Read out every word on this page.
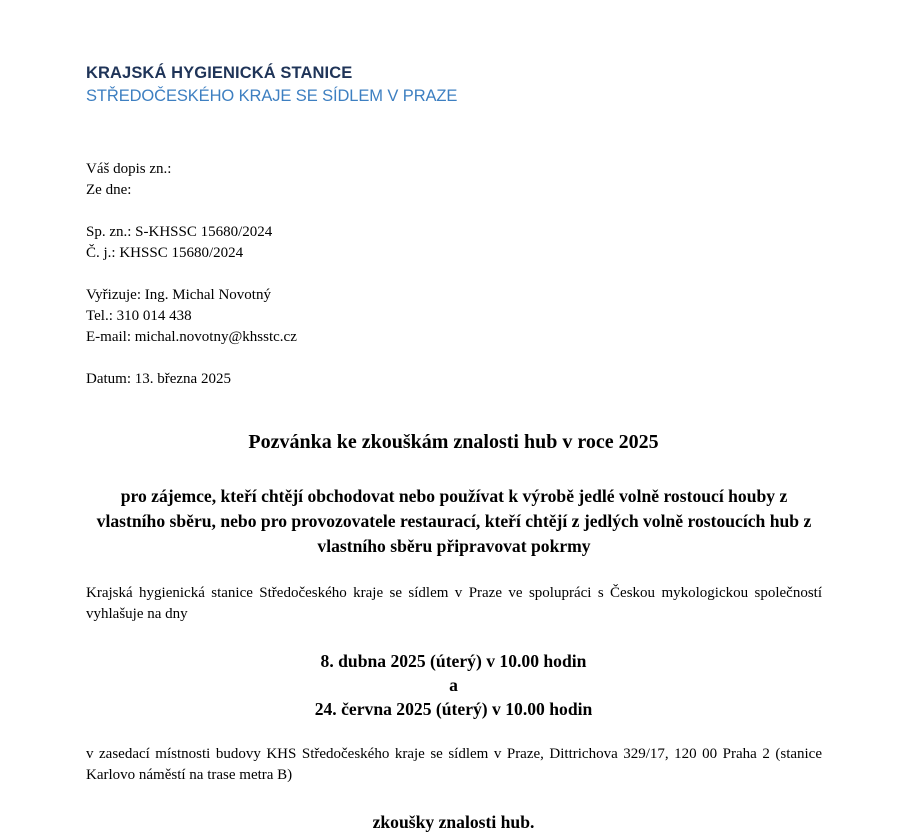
KRAJSKÁ HYGIENICKÁ STANICE
STŘEDOČESKÉHO KRAJE SE SÍDLEM V PRAZE
Váš dopis zn.:
Ze dne:
Sp. zn.: S-KHSSC 15680/2024
Č. j.: KHSSC 15680/2024
Vyřizuje: Ing. Michal Novotný
Tel.: 310 014 438
E-mail: michal.novotny@khsstc.cz
Datum: 13. března 2025
Pozvánka ke zkouškám znalosti hub v roce 2025
pro zájemce, kteří chtějí obchodovat nebo používat k výrobě jedlé volně rostoucí houby z vlastního sběru, nebo pro provozovatele restaurací, kteří chtějí z jedlých volně rostoucích hub z vlastního sběru připravovat pokrmy
Krajská hygienická stanice Středočeského kraje se sídlem v Praze ve spolupráci s Českou mykologickou společností vyhlašuje na dny
8. dubna 2025 (úterý) v 10.00 hodin
a
24. června 2025 (úterý) v 10.00 hodin
v zasedací místnosti budovy KHS Středočeského kraje se sídlem v Praze, Dittrichova 329/17, 120 00 Praha 2 (stanice Karlovo náměstí na trase metra B)
zkoušky znalosti hub.
